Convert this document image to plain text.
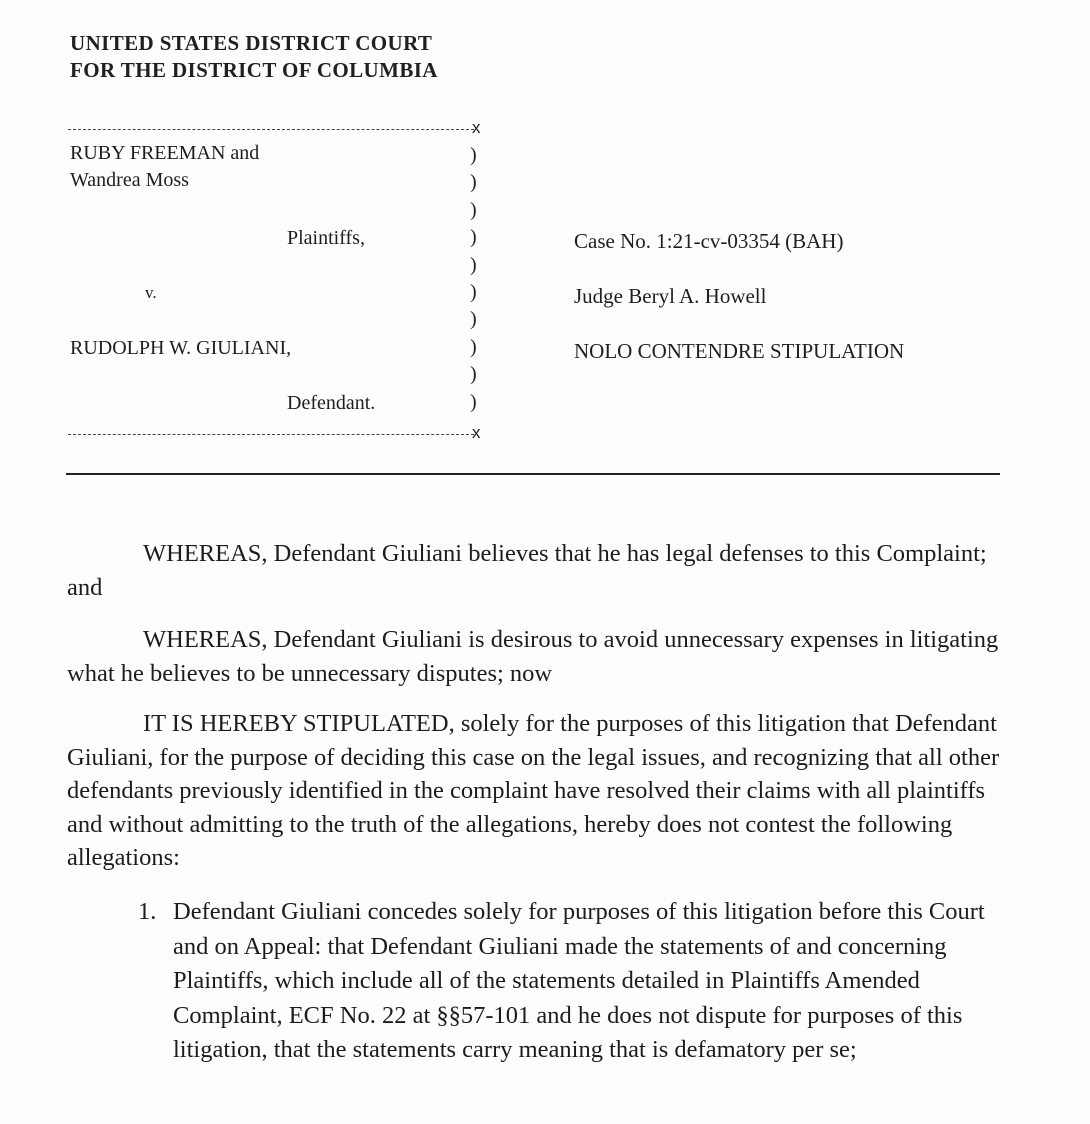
UNITED STATES DISTRICT COURT
FOR THE DISTRICT OF COLUMBIA
x
RUBY FREEMAN and
Wandrea Moss
Plaintiffs,
v.
RUDOLPH W. GIULIANI,
Defendant.
)
)
)
)
)
)
)
)
)
)
x
Case No. 1:21-cv-03354 (BAH)
Judge Beryl A. Howell
NOLO CONTENDRE STIPULATION

WHEREAS, Defendant Giuliani believes that he has legal defenses to this Complaint; and

WHEREAS, Defendant Giuliani is desirous to avoid unnecessary expenses in litigating what he believes to be unnecessary disputes; now

IT IS HEREBY STIPULATED, solely for the purposes of this litigation that Defendant Giuliani, for the purpose of deciding this case on the legal issues, and recognizing that all other defendants previously identified in the complaint have resolved their claims with all plaintiffs and without admitting to the truth of the allegations, hereby does not contest the following allegations:

1. Defendant Giuliani concedes solely for purposes of this litigation before this Court and on Appeal: that Defendant Giuliani made the statements of and concerning Plaintiffs, which include all of the statements detailed in Plaintiffs Amended Complaint, ECF No. 22 at §§57-101 and he does not dispute for purposes of this litigation, that the statements carry meaning that is defamatory per se;
